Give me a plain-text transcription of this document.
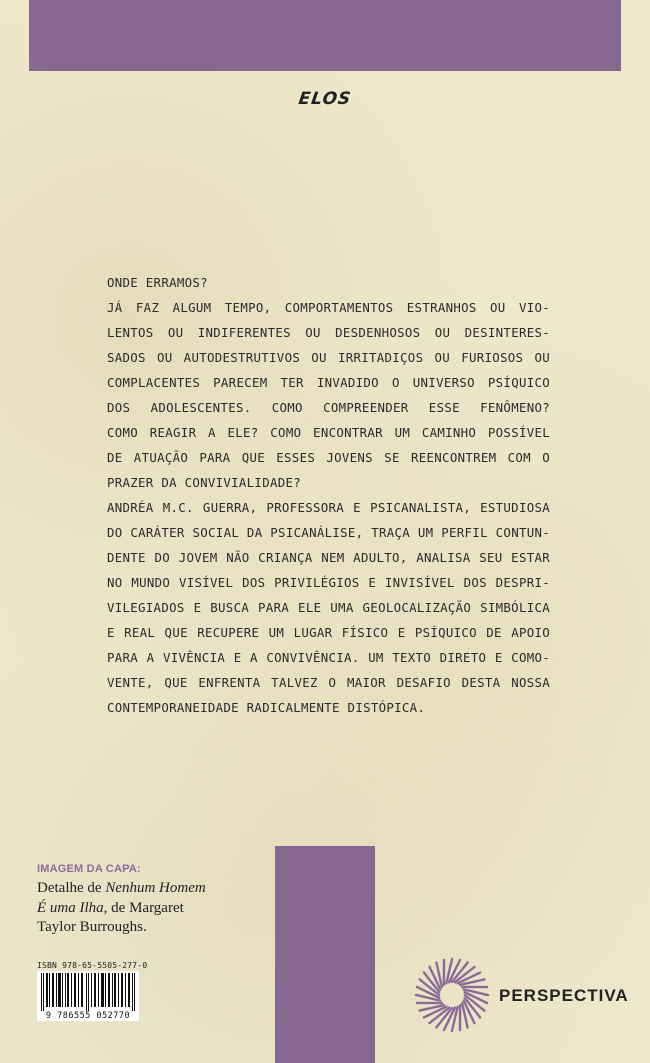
ELOS
ONDE ERRAMOS?
JÁ FAZ ALGUM TEMPO, COMPORTAMENTOS ESTRANHOS OU VIO-
LENTOS OU INDIFERENTES OU DESDENHOSOS OU DESINTERES-
SADOS OU AUTODESTRUTIVOS OU IRRITADIÇOS OU FURIOSOS OU
COMPLACENTES PARECEM TER INVADIDO O UNIVERSO PSÍQUICO
DOS ADOLESCENTES. COMO COMPREENDER ESSE FENÔMENO?
COMO REAGIR A ELE? COMO ENCONTRAR UM CAMINHO POSSÍVEL
DE ATUAÇÃO PARA QUE ESSES JOVENS SE REENCONTREM COM O
PRAZER DA CONVIVIALIDADE?
ANDRÉA M.C. GUERRA, PROFESSORA E PSICANALISTA, ESTUDIOSA
DO CARÁTER SOCIAL DA PSICANÁLISE, TRAÇA UM PERFIL CONTUN-
DENTE DO JOVEM NÃO CRIANÇA NEM ADULTO, ANALISA SEU ESTAR
NO MUNDO VISÍVEL DOS PRIVILÉGIOS E INVISÍVEL DOS DESPRI-
VILEGIADOS E BUSCA PARA ELE UMA GEOLOCALIZAÇÃO SIMBÓLICA
E REAL QUE RECUPERE UM LUGAR FÍSICO E PSÍQUICO DE APOIO
PARA A VIVÊNCIA E A CONVIVÊNCIA. UM TEXTO DIRETO E COMO-
VENTE, QUE ENFRENTA TALVEZ O MAIOR DESAFIO DESTA NOSSA
CONTEMPORANEIDADE RADICALMENTE DISTÓPICA.
IMAGEM DA CAPA:
Detalhe de Nenhum Homem
É uma Ilha, de Margaret
Taylor Burroughs.
ISBN 978-65-5505-277-0
9 786555 052770
PERSPECTIVA
